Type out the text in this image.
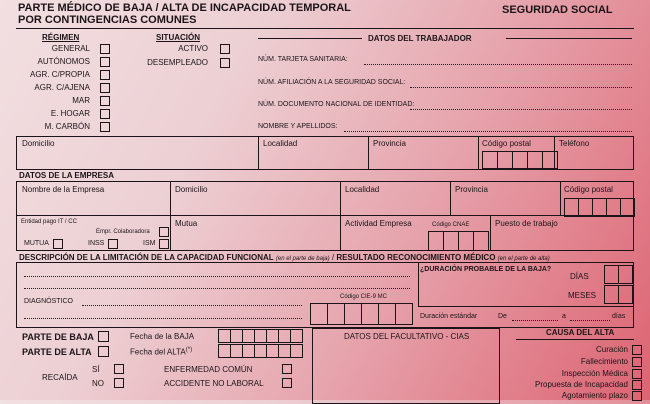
PARTE MÉDICO DE BAJA / ALTA DE INCAPACIDAD TEMPORAL
POR CONTINGENCIAS COMUNES
SEGURIDAD SOCIAL
RÉGIMEN
GENERAL
AUTÓNOMOS
AGR. C/PROPIA
AGR. C/AJENA
MAR
E. HOGAR
M. CARBÓN
SITUACIÓN
ACTIVO
DESEMPLEADO
DATOS DEL TRABAJADOR
NÚM. TARJETA SANITARIA:
NÚM. AFILIACIÓN A LA SEGURIDAD SOCIAL:
NÚM. DOCUMENTO NACIONAL DE IDENTIDAD:
NOMBRE Y APELLIDOS:
Domicilio	Localidad	Provincia	Código postal	Teléfono
DATOS DE LA EMPRESA
Nombre de la Empresa	Domicilio	Localidad	Provincia	Código postal
Entidad pago IT / CC
Empr. Colaboradora
MUTUA	INSS	ISM
Mutua	Actividad Empresa	Código CNAE	Puesto de trabajo
DESCRIPCIÓN DE LA LIMITACIÓN DE LA CAPACIDAD FUNCIONAL (en el parte de baja) / RESULTADO RECONOCIMIENTO MÉDICO (en el parte de alta)
¿DURACIÓN PROBABLE DE LA BAJA?
DÍAS
MESES
DIAGNÓSTICO
Código CIE-9 MC
Duración estándar	De	a	días
PARTE DE BAJA
PARTE DE ALTA
Fecha de la BAJA
Fecha del ALTA(*)
RECAÍDA
SÍ
NO
ENFERMEDAD COMÚN
ACCIDENTE NO LABORAL
DATOS DEL FACULTATIVO - CIAS	CAUSA DEL ALTA
Curación
Fallecimiento
Inspección Médica
Propuesta de Incapacidad
Agotamiento plazo
